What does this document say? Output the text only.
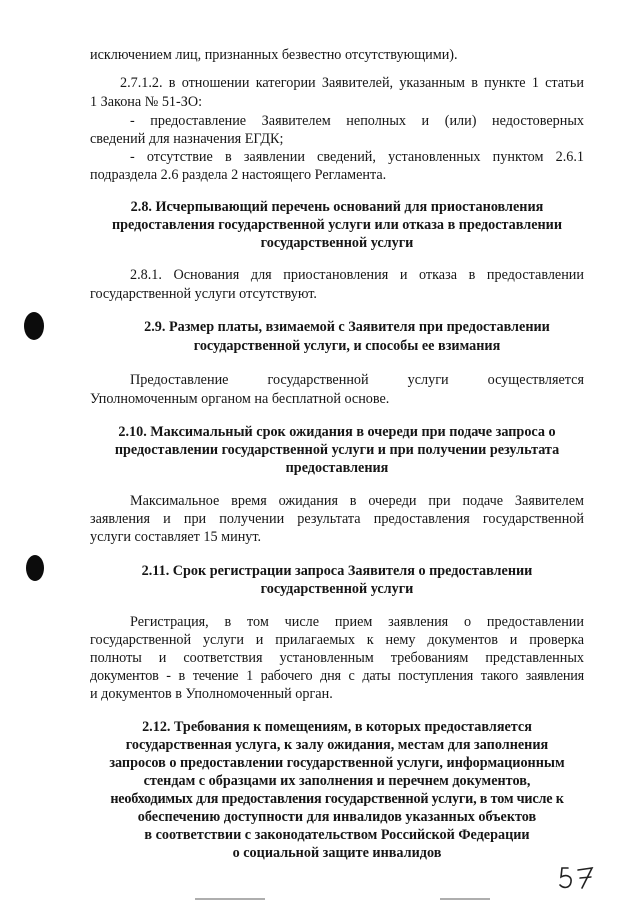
исключением лиц, признанных безвестно отсутствующими).
2.7.1.2. в отношении категории Заявителей, указанным в пункте 1 статьи
1 Закона № 51-ЗО:
- предоставление Заявителем неполных и (или) недостоверных
сведений для назначения ЕГДК;
- отсутствие в заявлении сведений, установленных пунктом 2.6.1
подраздела 2.6 раздела 2 настоящего Регламента.
2.8. Исчерпывающий перечень оснований для приостановления
предоставления государственной услуги или отказа в предоставлении
государственной услуги
2.8.1. Основания для приостановления и отказа в предоставлении
государственной услуги отсутствуют.
2.9. Размер платы, взимаемой с Заявителя при предоставлении
государственной услуги, и способы ее взимания
Предоставление государственной услуги осуществляется
Уполномоченным органом на бесплатной основе.
2.10. Максимальный срок ожидания в очереди при подаче запроса о
предоставлении государственной услуги и при получении результата
предоставления
Максимальное время ожидания в очереди при подаче Заявителем
заявления и при получении результата предоставления государственной
услуги составляет 15 минут.
2.11. Срок регистрации запроса Заявителя о предоставлении
государственной услуги
Регистрация, в том числе прием заявления о предоставлении
государственной услуги и прилагаемых к нему документов и проверка
полноты и соответствия установленным требованиям представленных
документов - в течение 1 рабочего дня с даты поступления такого заявления
и документов в Уполномоченный орган.
2.12. Требования к помещениям, в которых предоставляется
государственная услуга, к залу ожидания, местам для заполнения
запросов о предоставлении государственной услуги, информационным
стендам с образцами их заполнения и перечнем документов,
необходимых для предоставления государственной услуги, в том числе к
обеспечению доступности для инвалидов указанных объектов
в соответствии с законодательством Российской Федерации
о социальной защите инвалидов
